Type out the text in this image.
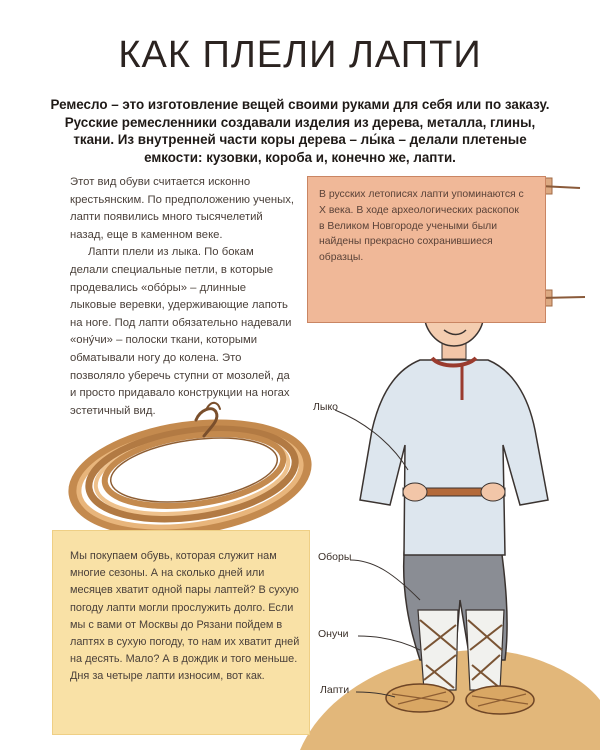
КАК ПЛЕЛИ ЛАПТИ

Ремесло – это изготовление вещей своими руками для себя или по заказу. Русские ремесленники создавали изделия из дерева, металла, глины, ткани. Из внутренней части коры дерева – лы́ка – делали плетеные емкости: кузовки, короба и, конечно же, лапти.

Этот вид обуви считается исконно крестьянским. По предположению ученых, лапти появились много тысячелетий назад, еще в каменном веке.

Лапти плели из лыка. По бокам делали специальные петли, в которые продевались «обо́ры» – длинные лыковые веревки, удерживающие лапоть на ноге. Под лапти обязательно надевали «ону́чи» – полоски ткани, которыми обматывали ногу до колена. Это позволяло уберечь ступни от мозолей, да и просто придавало конструкции на ногах эстетичный вид.

В русских летописях лапти упоминаются с X века. В ходе археологических раскопок в Великом Новгороде учеными были найдены прекрасно сохранившиеся образцы.
Мы покупаем обувь, которая служит нам многие сезоны. А на сколько дней или месяцев хватит одной пары лаптей? В сухую погоду лапти могли прослужить долго. Если мы с вами от Москвы до Рязани пойдем в лаптях в сухую погоду, то нам их хватит дней на десять. Мало? А в дождик и того меньше. Дня за четыре лапти износим, вот как.
Лыко
Оборы
Онучи
Лапти
